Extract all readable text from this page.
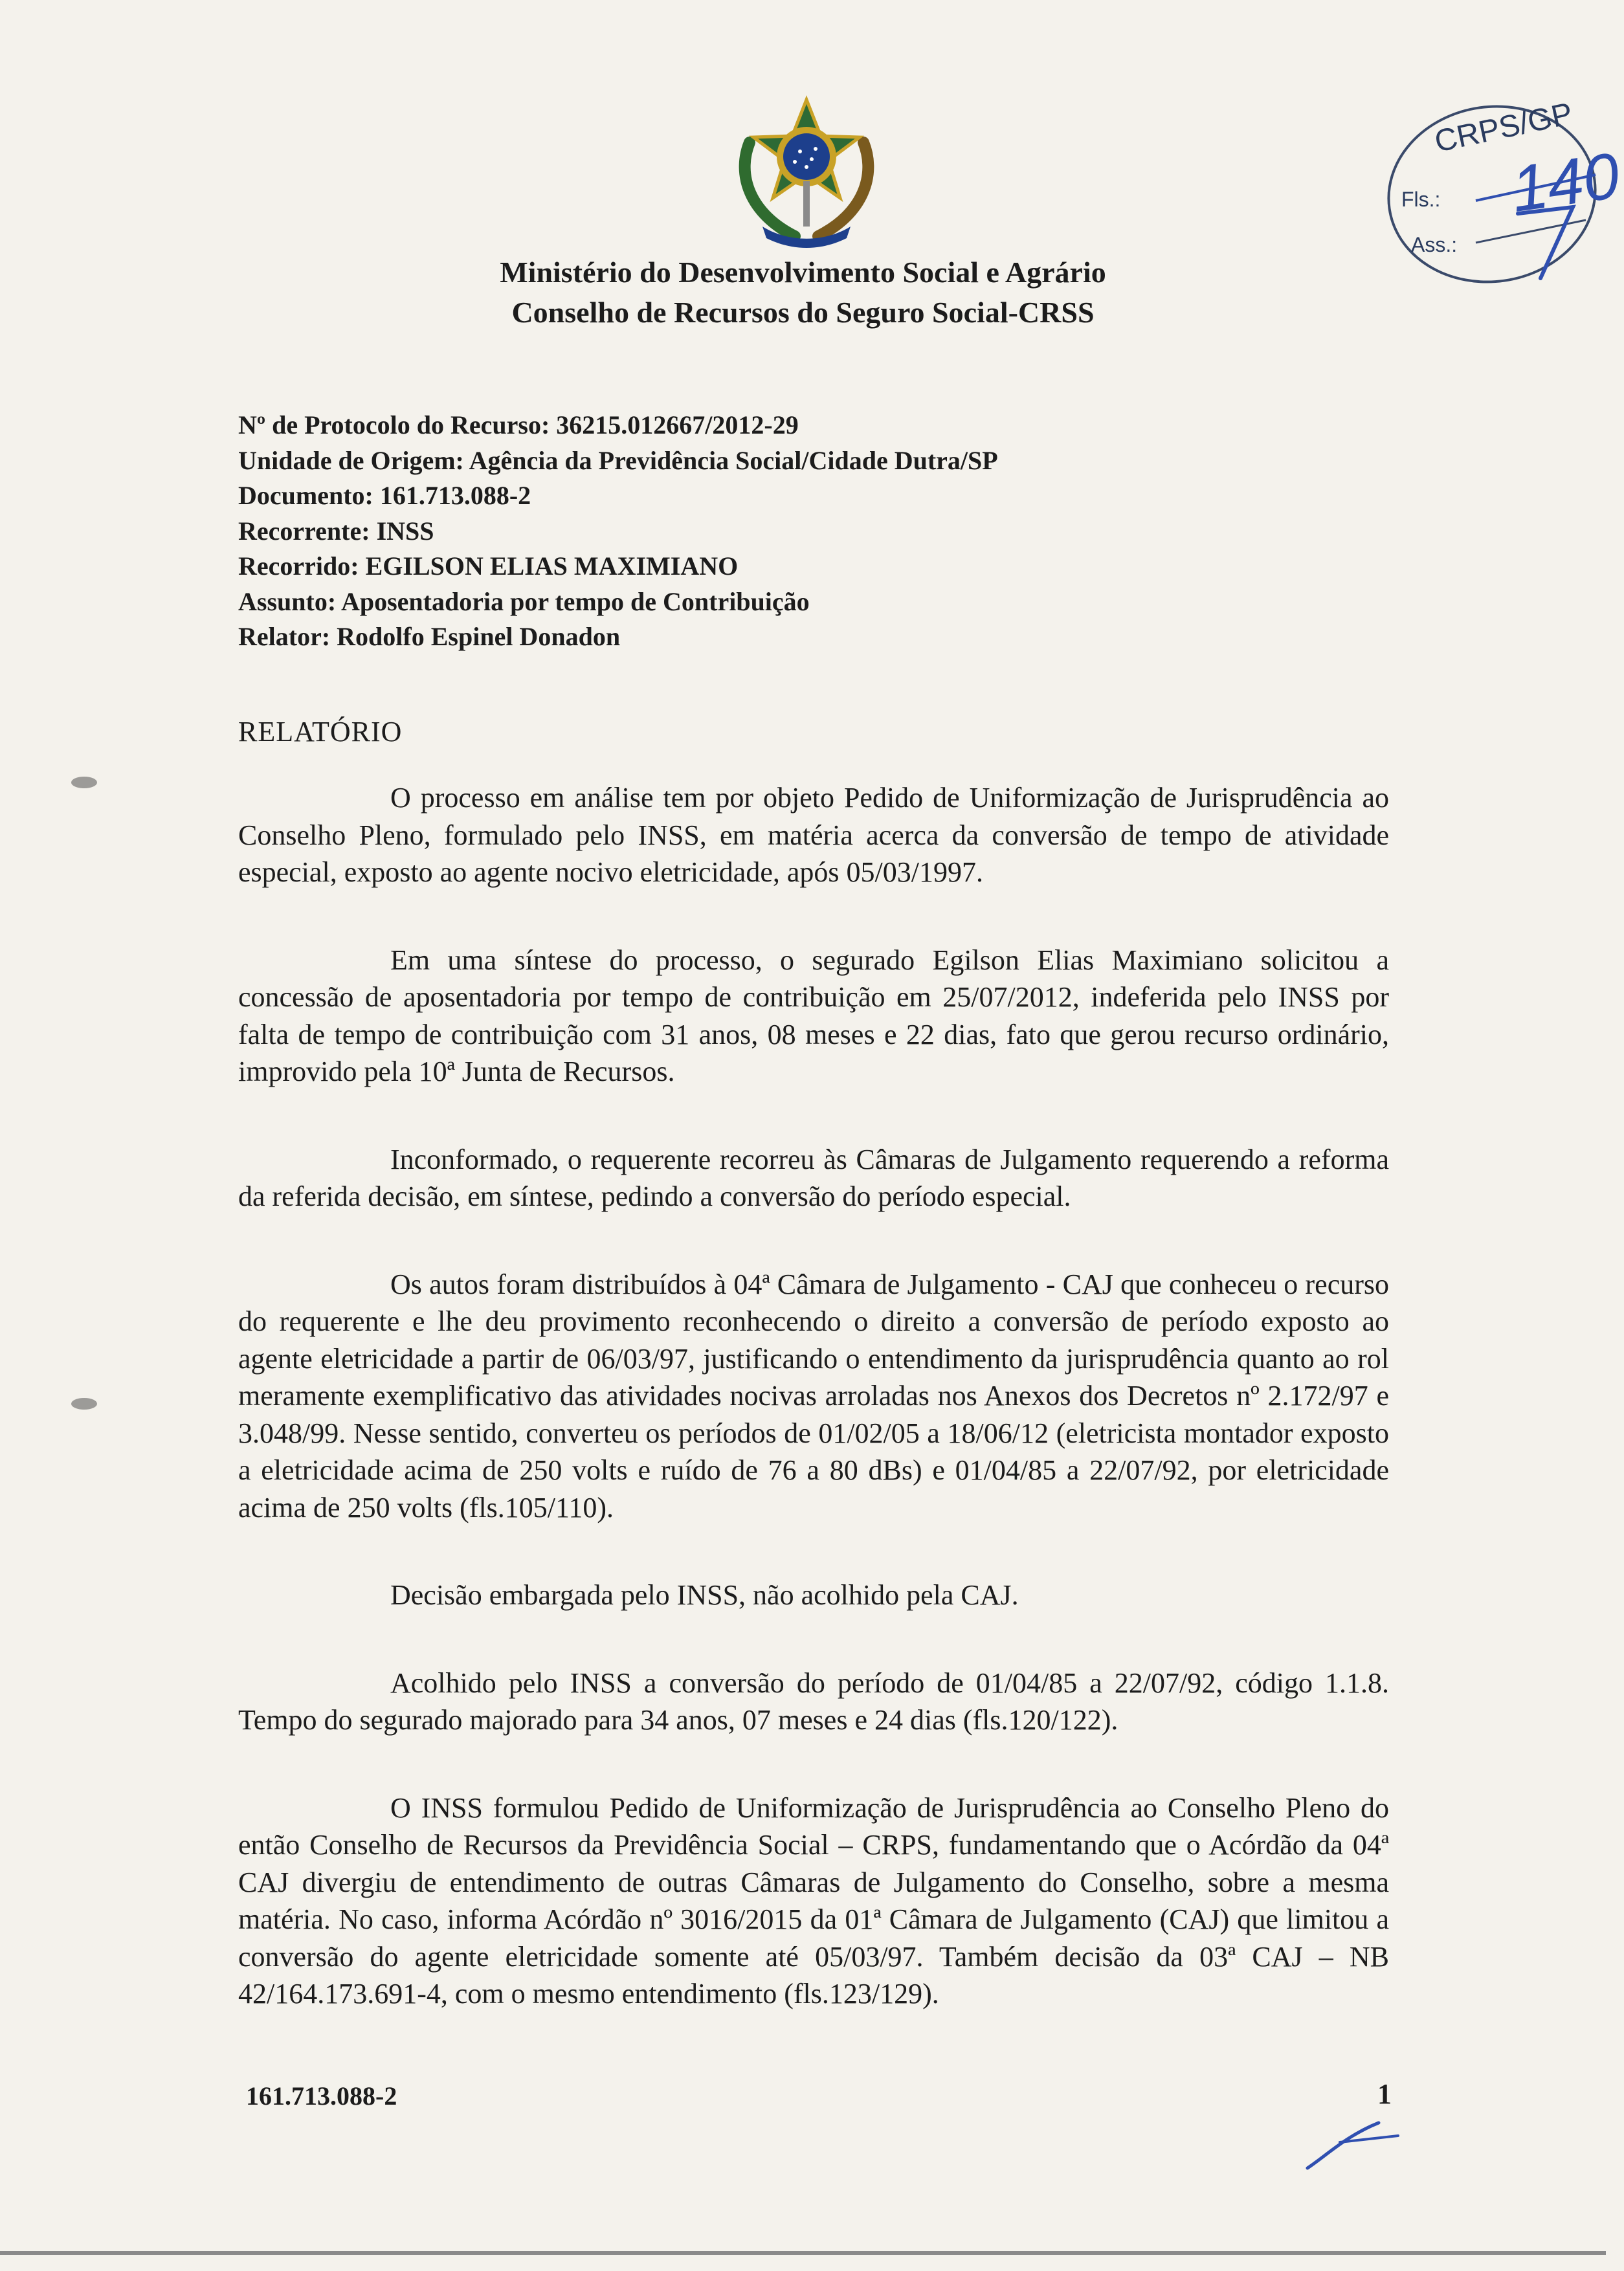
Ministério do Desenvolvimento Social e Agrário
Conselho de Recursos do Seguro Social-CRSS
CRPS/GP
140
Fls.:
Ass.:
Nº de Protocolo do Recurso: 36215.012667/2012-29
Unidade de Origem: Agência da Previdência Social/Cidade Dutra/SP
Documento: 161.713.088-2
Recorrente: INSS
Recorrido: EGILSON ELIAS MAXIMIANO
Assunto: Aposentadoria por tempo de Contribuição
Relator: Rodolfo Espinel Donadon
RELATÓRIO

O processo em análise tem por objeto Pedido de Uniformização de Jurisprudência ao Conselho Pleno, formulado pelo INSS, em matéria acerca da conversão de tempo de atividade especial, exposto ao agente nocivo eletricidade, após 05/03/1997.

Em uma síntese do processo, o segurado Egilson Elias Maximiano solicitou a concessão de aposentadoria por tempo de contribuição em 25/07/2012, indeferida pelo INSS por falta de tempo de contribuição com 31 anos, 08 meses e 22 dias, fato que gerou recurso ordinário, improvido pela 10ª Junta de Recursos.

Inconformado, o requerente recorreu às Câmaras de Julgamento requerendo a reforma da referida decisão, em síntese, pedindo a conversão do período especial.

Os autos foram distribuídos à 04ª Câmara de Julgamento - CAJ que conheceu o recurso do requerente e lhe deu provimento reconhecendo o direito a conversão de período exposto ao agente eletricidade a partir de 06/03/97, justificando o entendimento da jurisprudência quanto ao rol meramente exemplificativo das atividades nocivas arroladas nos Anexos dos Decretos nº 2.172/97 e 3.048/99. Nesse sentido, converteu os períodos de 01/02/05 a 18/06/12 (eletricista montador exposto a eletricidade acima de 250 volts e ruído de 76 a 80 dBs) e 01/04/85 a 22/07/92, por eletricidade acima de 250 volts (fls.105/110).

Decisão embargada pelo INSS, não acolhido pela CAJ.

Acolhido pelo INSS a conversão do período de 01/04/85 a 22/07/92, código 1.1.8. Tempo do segurado majorado para 34 anos, 07 meses e 24 dias (fls.120/122).

O INSS formulou Pedido de Uniformização de Jurisprudência ao Conselho Pleno do então Conselho de Recursos da Previdência Social – CRPS, fundamentando que o Acórdão da 04ª CAJ divergiu de entendimento de outras Câmaras de Julgamento do Conselho, sobre a mesma matéria. No caso, informa Acórdão nº 3016/2015 da 01ª Câmara de Julgamento (CAJ) que limitou a conversão do agente eletricidade somente até 05/03/97. Também decisão da 03ª CAJ – NB 42/164.173.691-4, com o mesmo entendimento (fls.123/129).

161.713.088-2	1
